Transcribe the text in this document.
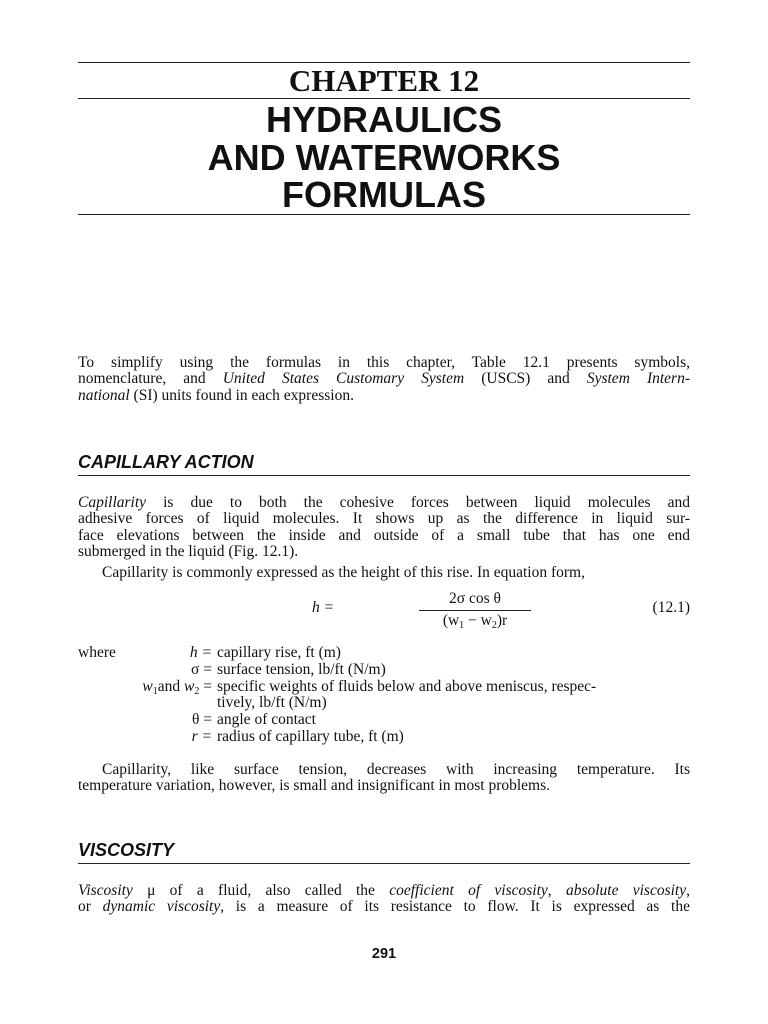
CHAPTER 12
HYDRAULICS
AND WATERWORKS
FORMULAS
To simplify using the formulas in this chapter, Table 12.1 presents symbols,
nomenclature, and United States Customary System (USCS) and System Intern-
national (SI) units found in each expression.
CAPILLARY ACTION
Capillarity is due to both the cohesive forces between liquid molecules and
adhesive forces of liquid molecules. It shows up as the difference in liquid sur-
face elevations between the inside and outside of a small tube that has one end
submerged in the liquid (Fig. 12.1).
Capillarity is commonly expressed as the height of this rise. In equation form,
h =
2σ cos θ
$(w_1 - w_2)r$
(12.1)
where	h = capillary rise, ft (m)
σ = surface tension, lb/ft (N/m)
$w_1and$ $w_2$ = specific weights of fluids below and above meniscus, respec-
tively, lb/ft (N/m)
θ = angle of contact
r = radius of capillary tube, ft (m)
Capillarity, like surface tension, decreases with increasing temperature. Its
temperature variation, however, is small and insignificant in most problems.
VISCOSITY
Viscosity μ of a fluid, also called the coefficient of viscosity, absolute viscosity,
or dynamic viscosity, is a measure of its resistance to flow. It is expressed as the
291
